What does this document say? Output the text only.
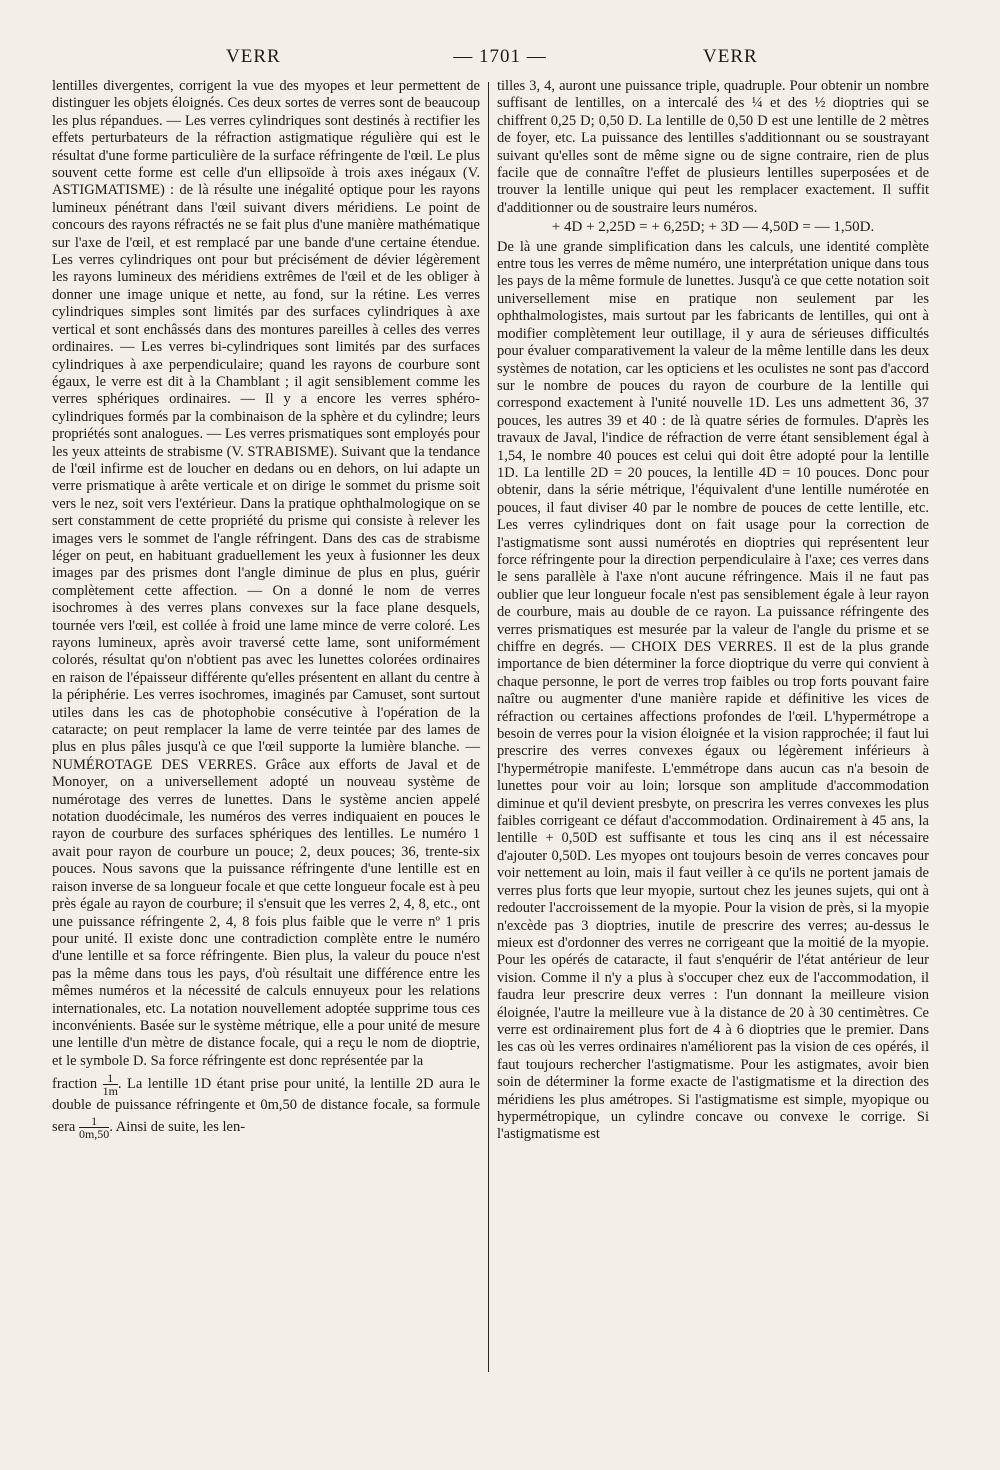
VERR	— 1701 —	VERR

lentilles divergentes, corrigent la vue des myopes et leur permettent de distinguer les objets éloignés. Ces deux sortes de verres sont de beaucoup les plus répandues. — Les verres cylindriques sont destinés à rectifier les effets perturbateurs de la réfraction astigmatique régulière qui est le résultat d'une forme particulière de la surface réfringente de l'œil. Le plus souvent cette forme est celle d'un ellipsoïde à trois axes inégaux (V. ASTIGMATISME) : de là résulte une inégalité optique pour les rayons lumineux pénétrant dans l'œil suivant divers méridiens. Le point de concours des rayons réfractés ne se fait plus d'une manière mathématique sur l'axe de l'œil, et est remplacé par une bande d'une certaine étendue. Les verres cylindriques ont pour but précisément de dévier légèrement les rayons lumineux des méridiens extrêmes de l'œil et de les obliger à donner une image unique et nette, au fond, sur la rétine. Les verres cylindriques simples sont limités par des surfaces cylindriques à axe vertical et sont enchâssés dans des montures pareilles à celles des verres ordinaires. — Les verres bi-cylindriques sont limités par des surfaces cylindriques à axe perpendiculaire; quand les rayons de courbure sont égaux, le verre est dit à la Chamblant ; il agit sensiblement comme les verres sphériques ordinaires. — Il y a encore les verres sphéro-cylindriques formés par la combinaison de la sphère et du cylindre; leurs propriétés sont analogues. — Les verres prismatiques sont employés pour les yeux atteints de strabisme (V. STRABISME). Suivant que la tendance de l'œil infirme est de loucher en dedans ou en dehors, on lui adapte un verre prismatique à arête verticale et on dirige le sommet du prisme soit vers le nez, soit vers l'extérieur. Dans la pratique ophthalmologique on se sert constamment de cette propriété du prisme qui consiste à relever les images vers le sommet de l'angle réfringent. Dans des cas de strabisme léger on peut, en habituant graduellement les yeux à fusionner les deux images par des prismes dont l'angle diminue de plus en plus, guérir complètement cette affection. — On a donné le nom de verres isochromes à des verres plans convexes sur la face plane desquels, tournée vers l'œil, est collée à froid une lame mince de verre coloré. Les rayons lumineux, après avoir traversé cette lame, sont uniformément colorés, résultat qu'on n'obtient pas avec les lunettes colorées ordinaires en raison de l'épaisseur différente qu'elles présentent en allant du centre à la périphérie. Les verres isochromes, imaginés par Camuset, sont surtout utiles dans les cas de photophobie consécutive à l'opération de la cataracte; on peut remplacer la lame de verre teintée par des lames de plus en plus pâles jusqu'à ce que l'œil supporte la lumière blanche. — NUMÉROTAGE DES VERRES. Grâce aux efforts de Javal et de Monoyer, on a universellement adopté un nouveau système de numérotage des verres de lunettes. Dans le système ancien appelé notation duodécimale, les numéros des verres indiquaient en pouces le rayon de courbure des surfaces sphériques des lentilles. Le numéro 1 avait pour rayon de courbure un pouce; 2, deux pouces; 36, trente-six pouces. Nous savons que la puissance réfringente d'une lentille est en raison inverse de sa longueur focale et que cette longueur focale est à peu près égale au rayon de courbure; il s'ensuit que les verres 2, 4, 8, etc., ont une puissance réfringente 2, 4, 8 fois plus faible que le verre nº 1 pris pour unité. Il existe donc une contradiction complète entre le numéro d'une lentille et sa force réfringente. Bien plus, la valeur du pouce n'est pas la même dans tous les pays, d'où résultait une différence entre les mêmes numéros et la nécessité de calculs ennuyeux pour les relations internationales, etc. La notation nouvellement adoptée supprime tous ces inconvénients. Basée sur le système métrique, elle a pour unité de mesure une lentille d'un mètre de distance focale, qui a reçu le nom de dioptrie, et le symbole D. Sa force réfringente est donc représentée par la

fraction $\frac{1}{1m}$ . La lentille 1D étant prise pour unité, la lentille 2D aura le double de puissance réfringente et 0m,50 de distance focale, sa formule sera $\frac{1}{0m,50}$ . Ainsi de suite, les len-

tilles 3, 4, auront une puissance triple, quadruple. Pour obtenir un nombre suffisant de lentilles, on a intercalé des ¼ et des ½ dioptries qui se chiffrent 0,25 D; 0,50 D. La lentille de 0,50 D est une lentille de 2 mètres de foyer, etc. La puissance des lentilles s'additionnant ou se soustrayant suivant qu'elles sont de même signe ou de signe contraire, rien de plus facile que de connaître l'effet de plusieurs lentilles superposées et de trouver la lentille unique qui peut les remplacer exactement. Il suffit d'additionner ou de soustraire leurs numéros.

+ 4D + 2,25D = + 6,25D; + 3D — 4,50D = — 1,50D.

De là une grande simplification dans les calculs, une identité complète entre tous les verres de même numéro, une interprétation unique dans tous les pays de la même formule de lunettes. Jusqu'à ce que cette notation soit universellement mise en pratique non seulement par les ophthalmologistes, mais surtout par les fabricants de lentilles, qui ont à modifier complètement leur outillage, il y aura de sérieuses difficultés pour évaluer comparativement la valeur de la même lentille dans les deux systèmes de notation, car les opticiens et les oculistes ne sont pas d'accord sur le nombre de pouces du rayon de courbure de la lentille qui correspond exactement à l'unité nouvelle 1D. Les uns admettent 36, 37 pouces, les autres 39 et 40 : de là quatre séries de formules. D'après les travaux de Javal, l'indice de réfraction de verre étant sensiblement égal à 1,54, le nombre 40 pouces est celui qui doit être adopté pour la lentille 1D. La lentille 2D = 20 pouces, la lentille 4D = 10 pouces. Donc pour obtenir, dans la série métrique, l'équivalent d'une lentille numérotée en pouces, il faut diviser 40 par le nombre de pouces de cette lentille, etc. Les verres cylindriques dont on fait usage pour la correction de l'astigmatisme sont aussi numérotés en dioptries qui représentent leur force réfringente pour la direction perpendiculaire à l'axe; ces verres dans le sens parallèle à l'axe n'ont aucune réfringence. Mais il ne faut pas oublier que leur longueur focale n'est pas sensiblement égale à leur rayon de courbure, mais au double de ce rayon. La puissance réfringente des verres prismatiques est mesurée par la valeur de l'angle du prisme et se chiffre en degrés. — CHOIX DES VERRES. Il est de la plus grande importance de bien déterminer la force dioptrique du verre qui convient à chaque personne, le port de verres trop faibles ou trop forts pouvant faire naître ou augmenter d'une manière rapide et définitive les vices de réfraction ou certaines affections profondes de l'œil. L'hypermétrope a besoin de verres pour la vision éloignée et la vision rapprochée; il faut lui prescrire des verres convexes égaux ou légèrement inférieurs à l'hypermétropie manifeste. L'emmétrope dans aucun cas n'a besoin de lunettes pour voir au loin; lorsque son amplitude d'accommodation diminue et qu'il devient presbyte, on prescrira les verres convexes les plus faibles corrigeant ce défaut d'accommodation. Ordinairement à 45 ans, la lentille + 0,50D est suffisante et tous les cinq ans il est nécessaire d'ajouter 0,50D. Les myopes ont toujours besoin de verres concaves pour voir nettement au loin, mais il faut veiller à ce qu'ils ne portent jamais de verres plus forts que leur myopie, surtout chez les jeunes sujets, qui ont à redouter l'accroissement de la myopie. Pour la vision de près, si la myopie n'excède pas 3 dioptries, inutile de prescrire des verres; au-dessus le mieux est d'ordonner des verres ne corrigeant que la moitié de la myopie. Pour les opérés de cataracte, il faut s'enquérir de l'état antérieur de leur vision. Comme il n'y a plus à s'occuper chez eux de l'accommodation, il faudra leur prescrire deux verres : l'un donnant la meilleure vision éloignée, l'autre la meilleure vue à la distance de 20 à 30 centimètres. Ce verre est ordinairement plus fort de 4 à 6 dioptries que le premier. Dans les cas où les verres ordinaires n'améliorent pas la vision de ces opérés, il faut toujours rechercher l'astigmatisme. Pour les astigmates, avoir bien soin de déterminer la forme exacte de l'astigmatisme et la direction des méridiens les plus amétropes. Si l'astigmatisme est simple, myopique ou hypermétropique, un cylindre concave ou convexe le corrige. Si l'astigmatisme est
